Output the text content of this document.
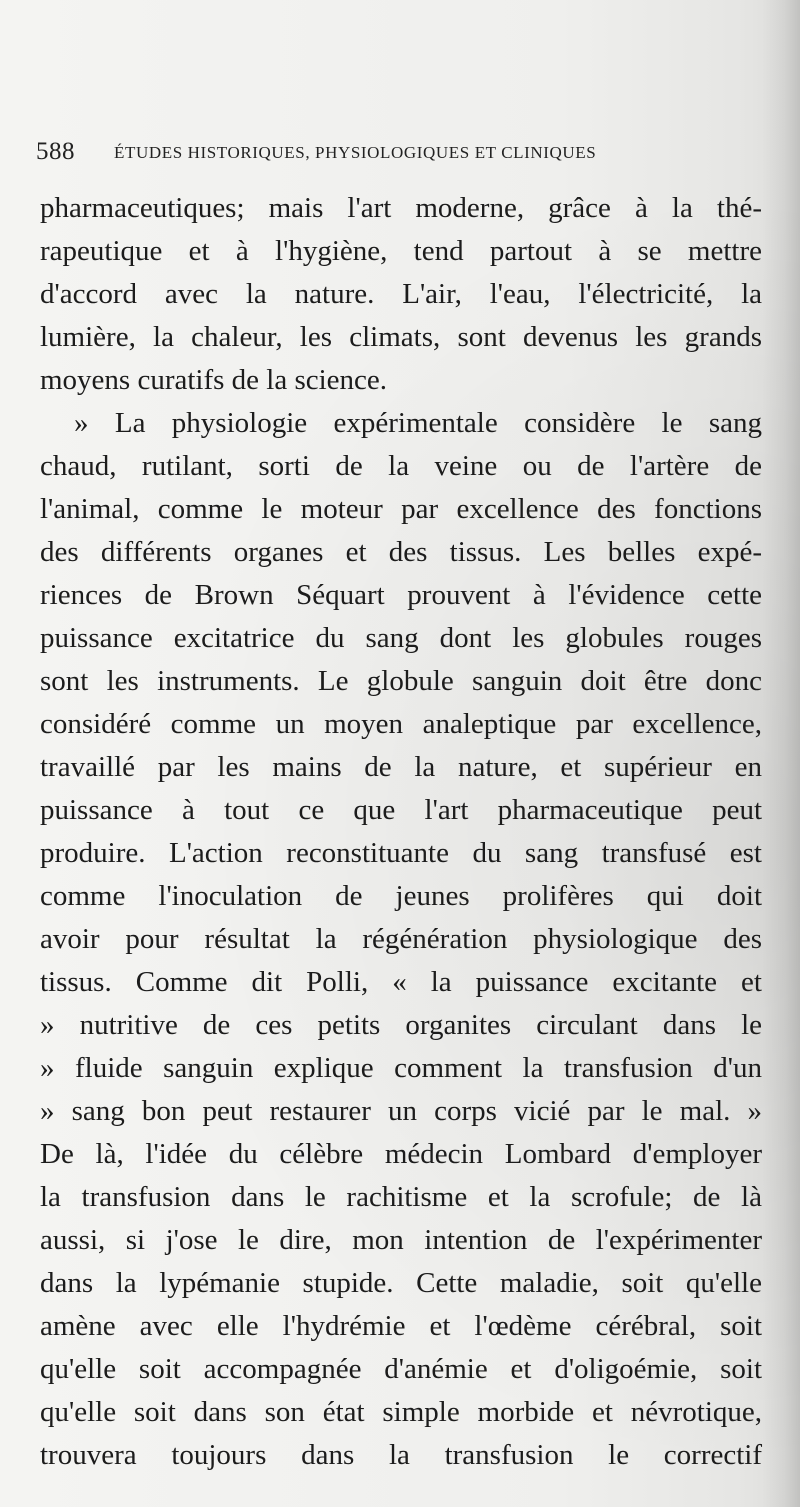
588 ÉTUDES HISTORIQUES, PHYSIOLOGIQUES ET CLINIQUES
pharmaceutiques; mais l'art moderne, grâce à la thé-
rapeutique et à l'hygiène, tend partout à se mettre
d'accord avec la nature. L'air, l'eau, l'électricité, la
lumière, la chaleur, les climats, sont devenus les grands
moyens curatifs de la science.
» La physiologie expérimentale considère le sang
chaud, rutilant, sorti de la veine ou de l'artère de
l'animal, comme le moteur par excellence des fonctions
des différents organes et des tissus. Les belles expé-
riences de Brown Séquart prouvent à l'évidence cette
puissance excitatrice du sang dont les globules rouges
sont les instruments. Le globule sanguin doit être donc
considéré comme un moyen analeptique par excellence,
travaillé par les mains de la nature, et supérieur en
puissance à tout ce que l'art pharmaceutique peut
produire. L'action reconstituante du sang transfusé est
comme l'inoculation de jeunes prolifères qui doit
avoir pour résultat la régénération physiologique des
tissus. Comme dit Polli, « la puissance excitante et
» nutritive de ces petits organites circulant dans le
» fluide sanguin explique comment la transfusion d'un
» sang bon peut restaurer un corps vicié par le mal. »
De là, l'idée du célèbre médecin Lombard d'employer
la transfusion dans le rachitisme et la scrofule; de là
aussi, si j'ose le dire, mon intention de l'expérimenter
dans la lypémanie stupide. Cette maladie, soit qu'elle
amène avec elle l'hydrémie et l'œdème cérébral, soit
qu'elle soit accompagnée d'anémie et d'oligoémie, soit
qu'elle soit dans son état simple morbide et névrotique,
trouvera toujours dans la transfusion le correctif
